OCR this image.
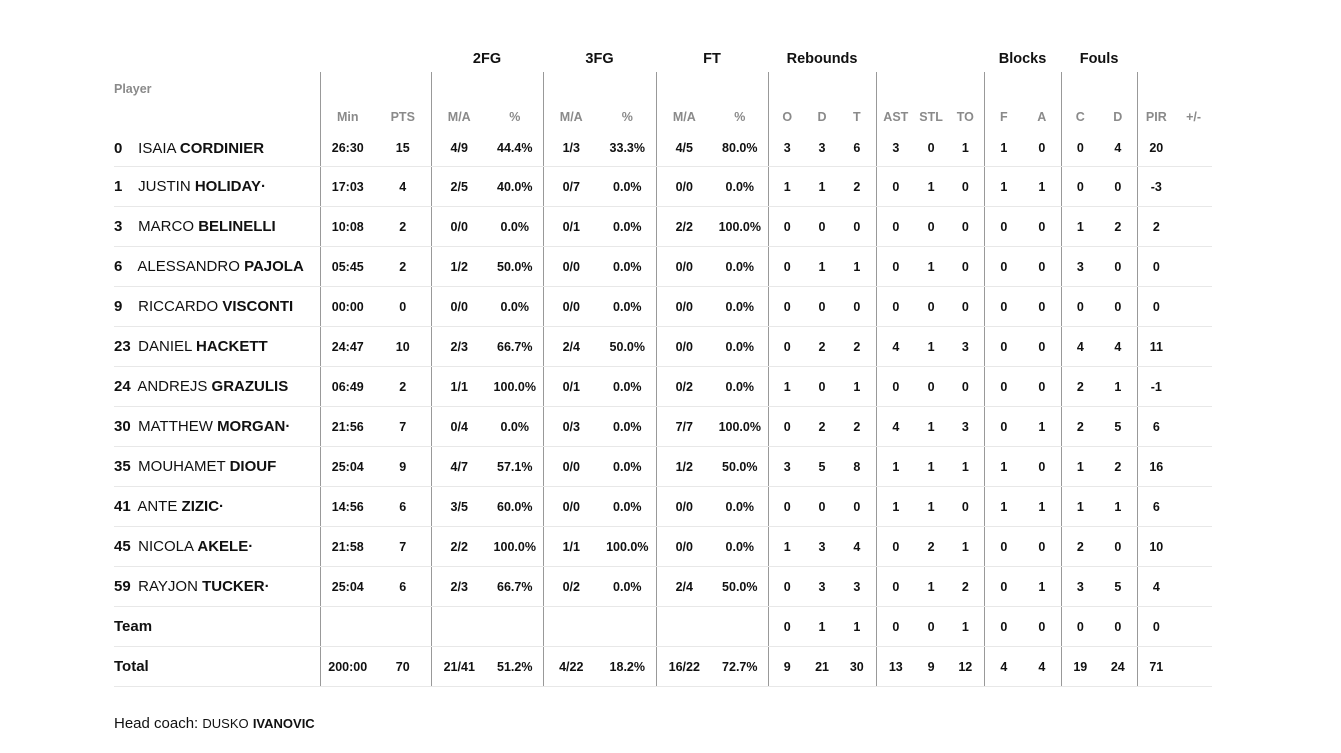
			2FG		3FG		FT		Rebounds						Blocks		Fouls			
Player	Min	PTS	M/A	%	M/A	%	M/A	%	O	D	T	AST	STL	TO	F	A	C	D	PIR	+/-
0 ISAIA CORDINIER	26:30	15	4/9	44.4%	1/3	33.3%	4/5	80.0%	3	3	6	3	0	1	1	0	0	4	20	
1 JUSTIN HOLIDAY·	17:03	4	2/5	40.0%	0/7	0.0%	0/0	0.0%	1	1	2	0	1	0	1	1	0	0	-3	
3 MARCO BELINELLI	10:08	2	0/0	0.0%	0/1	0.0%	2/2	100.0%	0	0	0	0	0	0	0	0	1	2	2	
6 ALESSANDRO PAJOLA	05:45	2	1/2	50.0%	0/0	0.0%	0/0	0.0%	0	1	1	0	1	0	0	0	3	0	0	
9 RICCARDO VISCONTI	00:00	0	0/0	0.0%	0/0	0.0%	0/0	0.0%	0	0	0	0	0	0	0	0	0	0	0	
23 DANIEL HACKETT	24:47	10	2/3	66.7%	2/4	50.0%	0/0	0.0%	0	2	2	4	1	3	0	0	4	4	11	
24 ANDREJS GRAZULIS	06:49	2	1/1	100.0%	0/1	0.0%	0/2	0.0%	1	0	1	0	0	0	0	0	2	1	-1	
30 MATTHEW MORGAN·	21:56	7	0/4	0.0%	0/3	0.0%	7/7	100.0%	0	2	2	4	1	3	0	1	2	5	6	
35 MOUHAMET DIOUF	25:04	9	4/7	57.1%	0/0	0.0%	1/2	50.0%	3	5	8	1	1	1	1	0	1	2	16	
41 ANTE ZIZIC·	14:56	6	3/5	60.0%	0/0	0.0%	0/0	0.0%	0	0	0	1	1	0	1	1	1	1	6	
45 NICOLA AKELE·	21:58	7	2/2	100.0%	1/1	100.0%	0/0	0.0%	1	3	4	0	2	1	0	0	2	0	10	
59 RAYJON TUCKER·	25:04	6	2/3	66.7%	0/2	0.0%	2/4	50.0%	0	3	3	0	1	2	0	1	3	5	4	
Team									0	1	1	0	0	1	0	0	0	0	0	
Total	200:00	70	21/41	51.2%	4/22	18.2%	16/22	72.7%	9	21	30	13	9	12	4	4	19	24	71	
Head coach: DUSKO IVANOVIC
